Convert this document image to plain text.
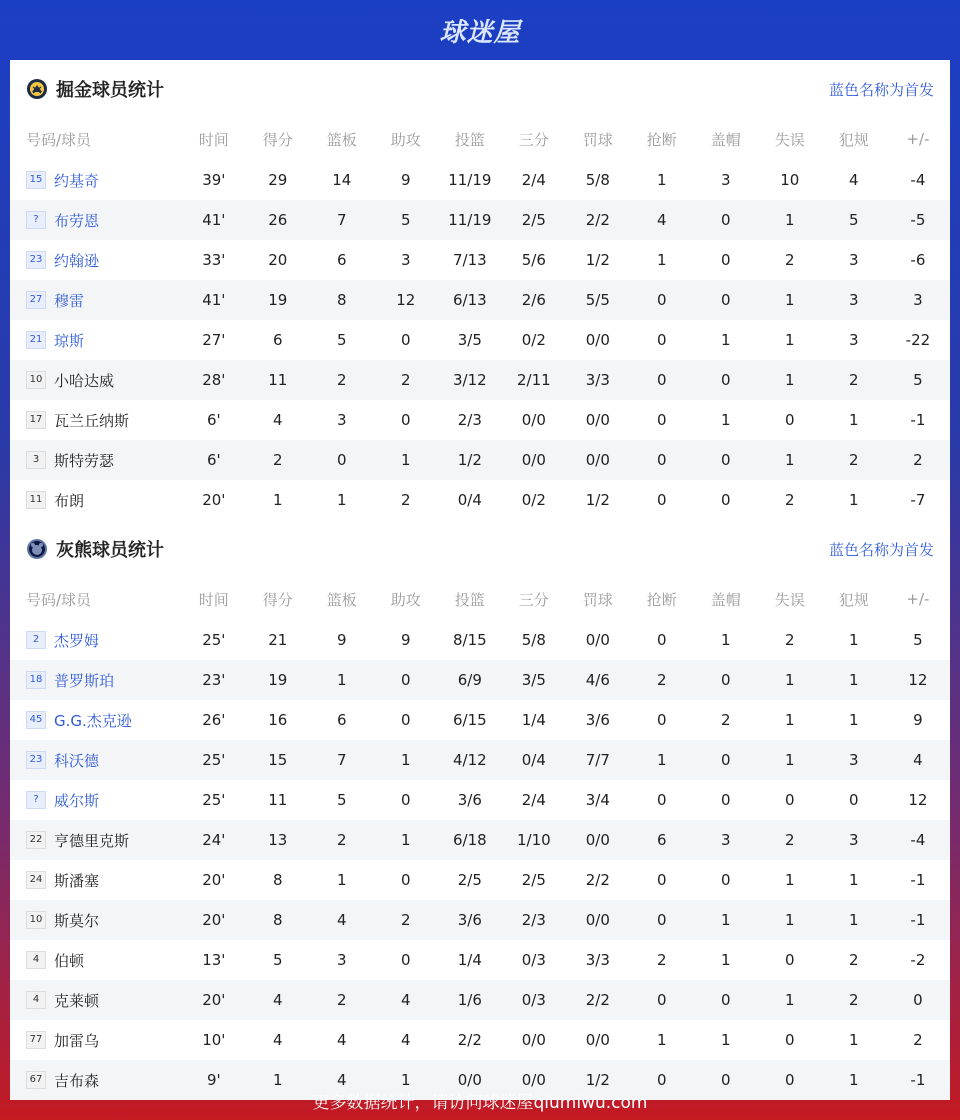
球迷屋
掘金球员统计	蓝色名称为首发
号码/球员	时间	得分	篮板	助攻	投篮	三分	罚球	抢断	盖帽	失误	犯规	+/-
15 约基奇	39'	29	14	9	11/19	2/4	5/8	1	3	10	4	-4
? 布劳恩	41'	26	7	5	11/19	2/5	2/2	4	0	1	5	-5
23 约翰逊	33'	20	6	3	7/13	5/6	1/2	1	0	2	3	-6
27 穆雷	41'	19	8	12	6/13	2/6	5/5	0	0	1	3	3
21 琼斯	27'	6	5	0	3/5	0/2	0/0	0	1	1	3	-22
10 小哈达威	28'	11	2	2	3/12	2/11	3/3	0	0	1	2	5
17 瓦兰丘纳斯	6'	4	3	0	2/3	0/0	0/0	0	1	0	1	-1
3 斯特劳瑟	6'	2	0	1	1/2	0/0	0/0	0	0	1	2	2
11 布朗	20'	1	1	2	0/4	0/2	1/2	0	0	2	1	-7
灰熊球员统计	蓝色名称为首发
号码/球员	时间	得分	篮板	助攻	投篮	三分	罚球	抢断	盖帽	失误	犯规	+/-
2 杰罗姆	25'	21	9	9	8/15	5/8	0/0	0	1	2	1	5
18 普罗斯珀	23'	19	1	0	6/9	3/5	4/6	2	0	1	1	12
45 G.G.杰克逊	26'	16	6	0	6/15	1/4	3/6	0	2	1	1	9
23 科沃德	25'	15	7	1	4/12	0/4	7/7	1	0	1	3	4
? 威尔斯	25'	11	5	0	3/6	2/4	3/4	0	0	0	0	12
22 亨德里克斯	24'	13	2	1	6/18	1/10	0/0	6	3	2	3	-4
24 斯潘塞	20'	8	1	0	2/5	2/5	2/2	0	0	1	1	-1
10 斯莫尔	20'	8	4	2	3/6	2/3	0/0	0	1	1	1	-1
4 伯顿	13'	5	3	0	1/4	0/3	3/3	2	1	0	2	-2
4 克莱顿	20'	4	2	4	1/6	0/3	2/2	0	0	1	2	0
77 加雷乌	10'	4	4	4	2/2	0/0	0/0	1	1	0	1	2
67 吉布森	9'	1	4	1	0/0	0/0	1/2	0	0	0	1	-1
更多数据统计，请访问球迷屋qiumiwu.com
